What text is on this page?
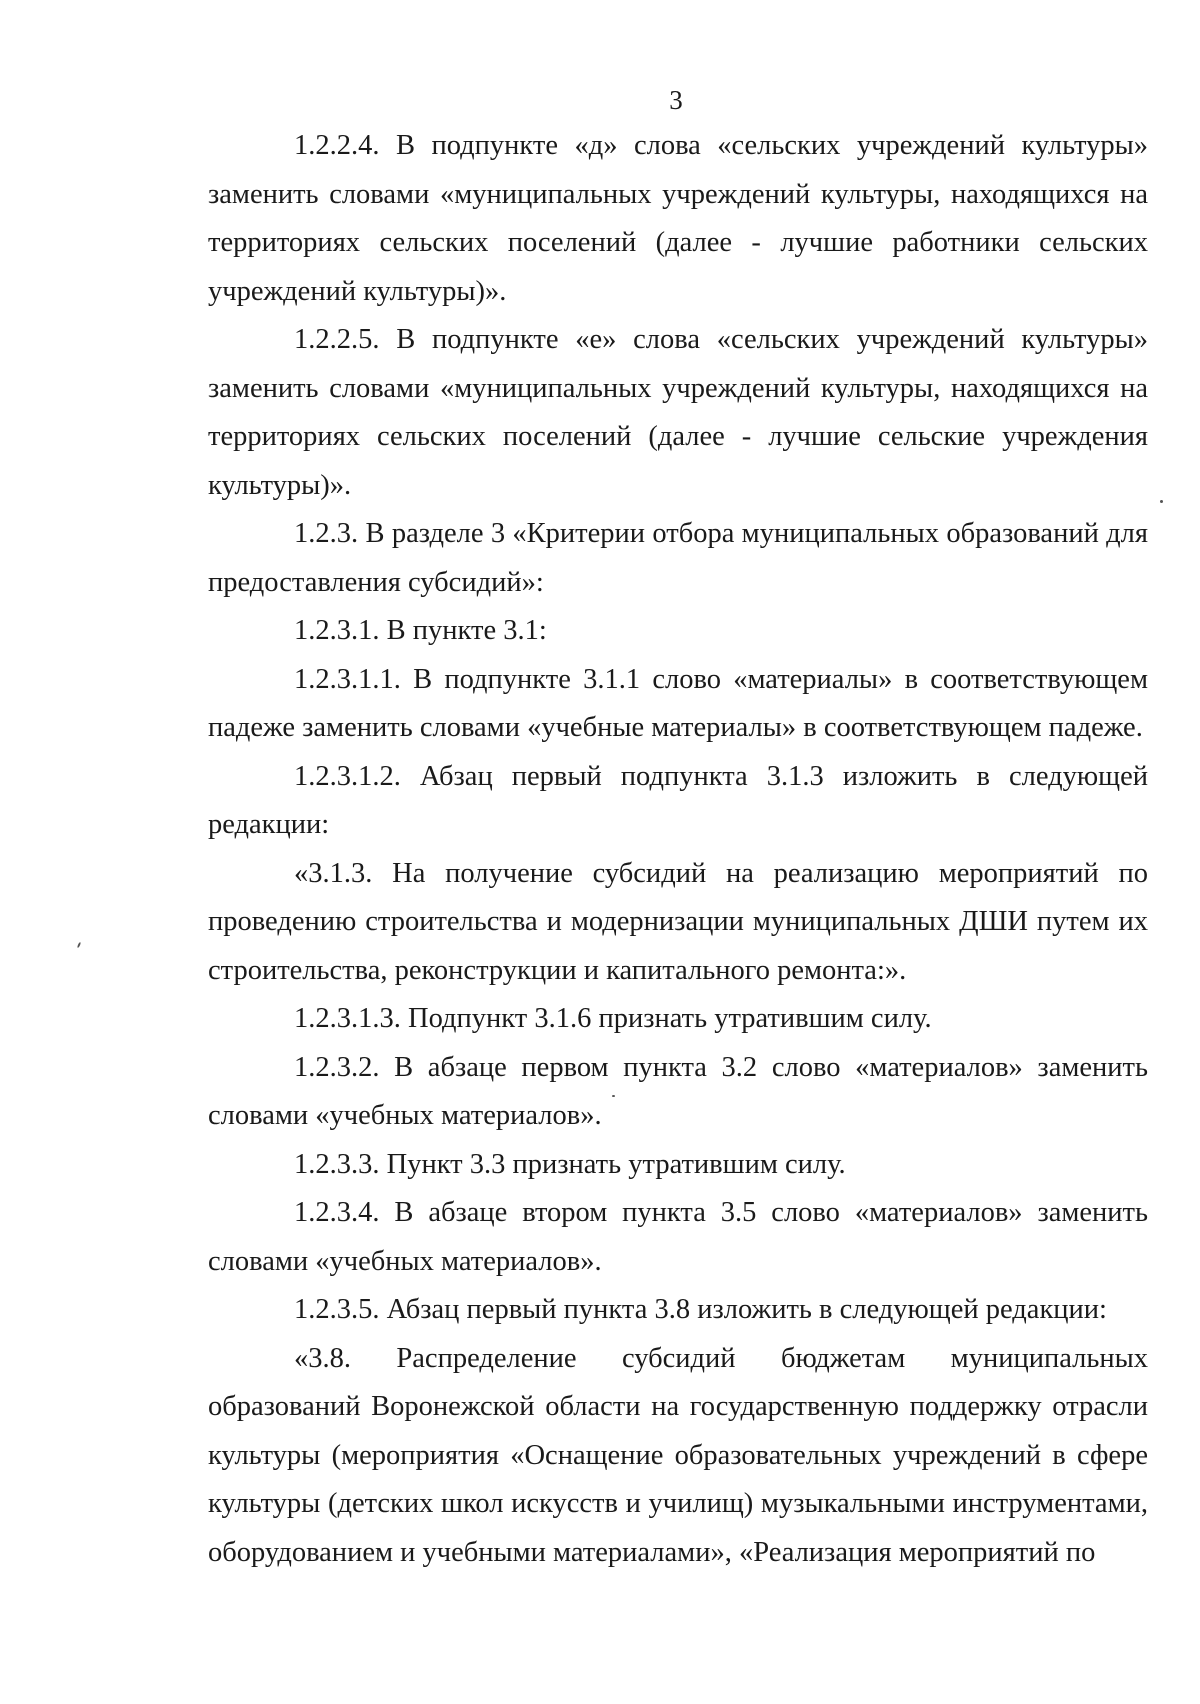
3

1.2.2.4. В подпункте «д» слова «сельских учреждений культуры» заменить словами «муниципальных учреждений культуры, находящихся на территориях сельских поселений (далее - лучшие работники сельских учреждений культуры)».

1.2.2.5. В подпункте «е» слова «сельских учреждений культуры» заменить словами «муниципальных учреждений культуры, находящихся на территориях сельских поселений (далее - лучшие сельские учреждения культуры)».

1.2.3. В разделе 3 «Критерии отбора муниципальных образований для предоставления субсидий»:

1.2.3.1. В пункте 3.1:

1.2.3.1.1. В подпункте 3.1.1 слово «материалы» в соответствующем падеже заменить словами «учебные материалы» в соответствующем падеже.

1.2.3.1.2. Абзац первый подпункта 3.1.3 изложить в следующей редакции:

«3.1.3. На получение субсидий на реализацию мероприятий по проведению строительства и модернизации муниципальных ДШИ путем их строительства, реконструкции и капитального ремонта:».

1.2.3.1.3. Подпункт 3.1.6 признать утратившим силу.

1.2.3.2. В абзаце первом пункта 3.2 слово «материалов» заменить словами «учебных материалов».

1.2.3.3. Пункт 3.3 признать утратившим силу.

1.2.3.4. В абзаце втором пункта 3.5 слово «материалов» заменить словами «учебных материалов».

1.2.3.5. Абзац первый пункта 3.8 изложить в следующей редакции:

«3.8. Распределение субсидий бюджетам муниципальных образований Воронежской области на государственную поддержку отрасли культуры (мероприятия «Оснащение образовательных учреждений в сфере культуры (детских школ искусств и училищ) музыкальными инструментами, оборудованием и учебными материалами», «Реализация мероприятий по
